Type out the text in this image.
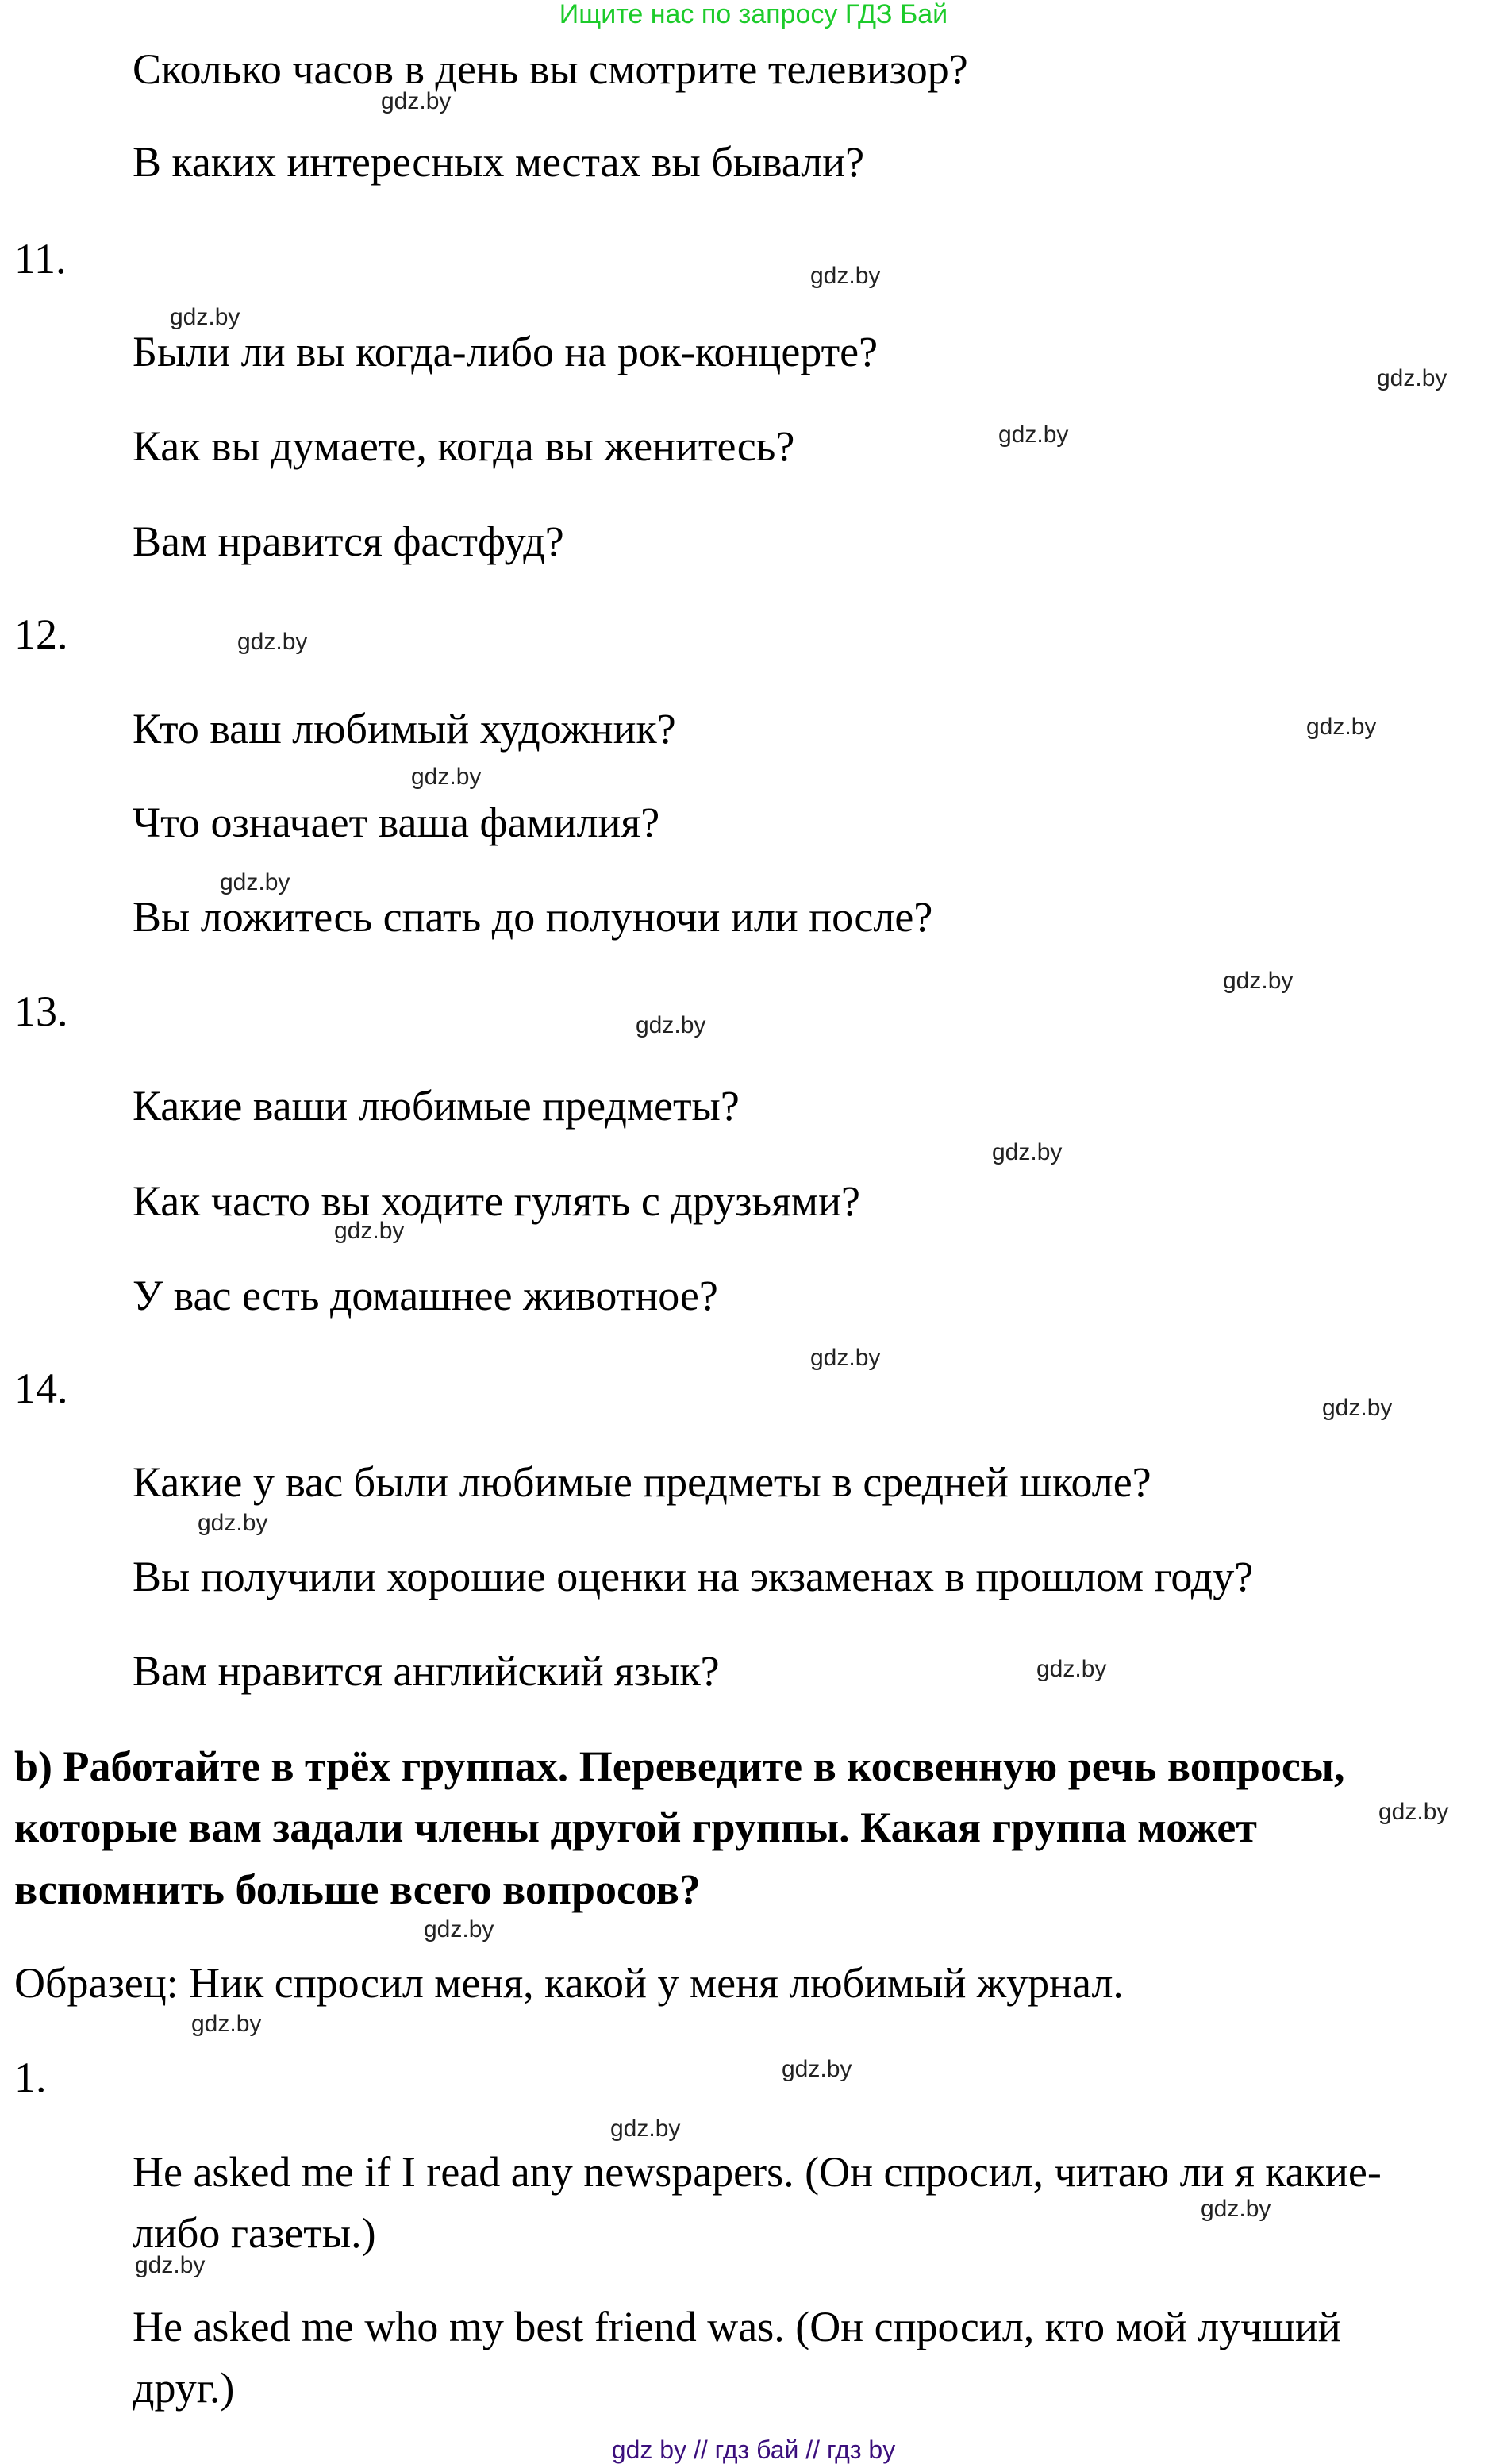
Ищите нас по запросу ГДЗ Бай
Сколько часов в день вы смотрите телевизор?
В каких интересных местах вы бывали?
11.
Были ли вы когда-либо на рок-концерте?
Как вы думаете, когда вы женитесь?
Вам нравится фастфуд?
12.
Кто ваш любимый художник?
Что означает ваша фамилия?
Вы ложитесь спать до полуночи или после?
13.
Какие ваши любимые предметы?
Как часто вы ходите гулять с друзьями?
У вас есть домашнее животное?
14.
Какие у вас были любимые предметы в средней школе?
Вы получили хорошие оценки на экзаменах в прошлом году?
Вам нравится английский язык?
b) Работайте в трёх группах. Переведите в косвенную речь вопросы,
которые вам задали члены другой группы. Какая группа может
вспомнить больше всего вопросов?
Образец: Ник спросил меня, какой у меня любимый журнал.
1.
He asked me if I read any newspapers. (Он спросил, читаю ли я какие-
либо газеты.)
He asked me who my best friend was. (Он спросил, кто мой лучший
друг.)
gdz.by
gdz.by
gdz.by
gdz.by
gdz.by
gdz.by
gdz.by
gdz.by
gdz.by
gdz.by
gdz.by
gdz.by
gdz.by
gdz.by
gdz.by
gdz.by
gdz.by
gdz.by
gdz.by
gdz.by
gdz.by
gdz.by
gdz.by
gdz.by
gdz by // гдз бай // гдз by
